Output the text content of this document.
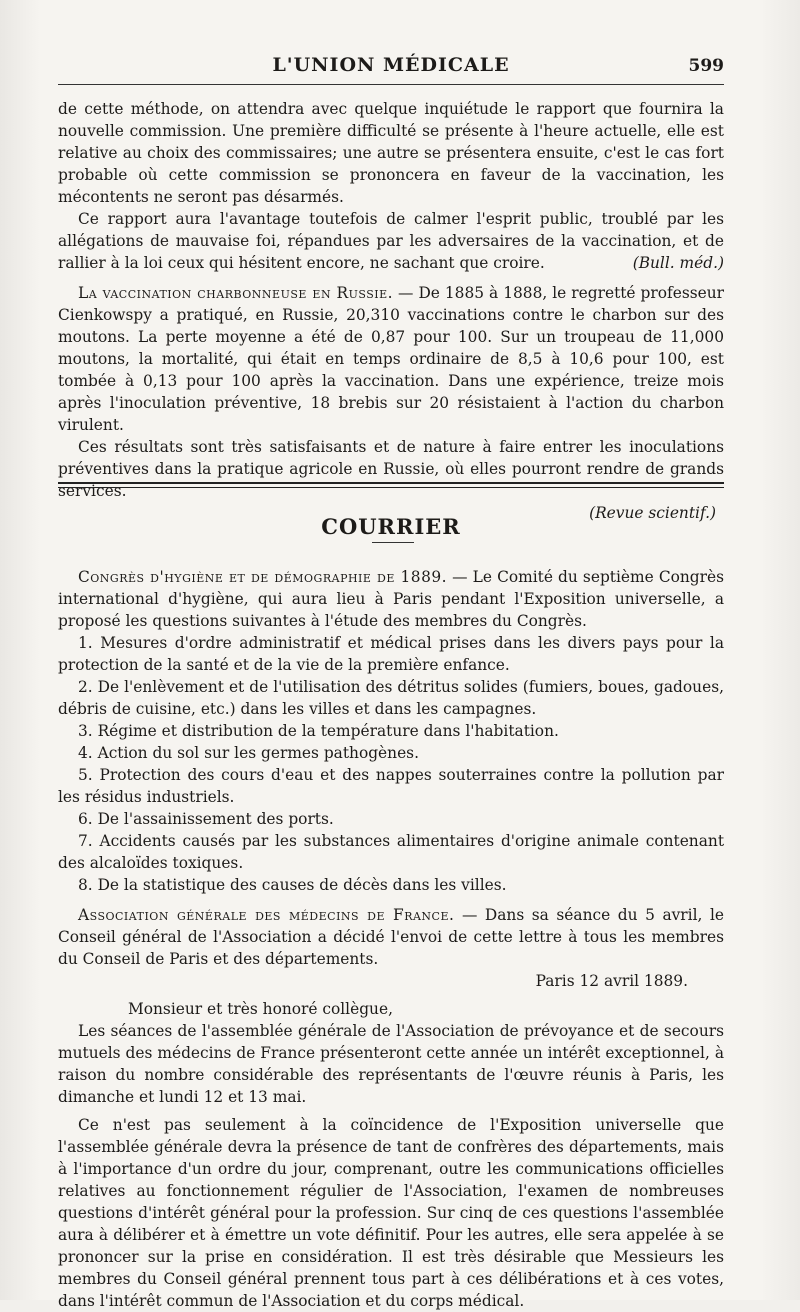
L'UNION MÉDICALE	599

de cette méthode, on attendra avec quelque inquiétude le rapport que fournira la nouvelle commission. Une première difficulté se présente à l'heure actuelle, elle est relative au choix des commissaires; une autre se présentera ensuite, c'est le cas fort probable où cette commission se prononcera en faveur de la vaccination, les mécontents ne seront pas désarmés.

Ce rapport aura l'avantage toutefois de calmer l'esprit public, troublé par les allégations de mauvaise foi, répandues par les adversaires de la vaccination, et de rallier à la loi ceux qui hésitent encore, ne sachant que croire.	(Bull. méd.)

La vaccination charbonneuse en Russie. — De 1885 à 1888, le regretté professeur Cienkowspy a pratiqué, en Russie, 20,310 vaccinations contre le charbon sur des moutons. La perte moyenne a été de 0,87 pour 100. Sur un troupeau de 11,000 moutons, la mortalité, qui était en temps ordinaire de 8,5 à 10,6 pour 100, est tombée à 0,13 pour 100 après la vaccination. Dans une expérience, treize mois après l'inoculation préventive, 18 brebis sur 20 résistaient à l'action du charbon virulent.

Ces résultats sont très satisfaisants et de nature à faire entrer les inoculations préventives dans la pratique agricole en Russie, où elles pourront rendre de grands services.

(Revue scientif.)
COURRIER

Congrès d'hygiène et de démographie de 1889. — Le Comité du septième Congrès international d'hygiène, qui aura lieu à Paris pendant l'Exposition universelle, a proposé les questions suivantes à l'étude des membres du Congrès.

1. Mesures d'ordre administratif et médical prises dans les divers pays pour la protection de la santé et de la vie de la première enfance.

2. De l'enlèvement et de l'utilisation des détritus solides (fumiers, boues, gadoues, débris de cuisine, etc.) dans les villes et dans les campagnes.

3. Régime et distribution de la température dans l'habitation.

4. Action du sol sur les germes pathogènes.

5. Protection des cours d'eau et des nappes souterraines contre la pollution par les résidus industriels.

6. De l'assainissement des ports.

7. Accidents causés par les substances alimentaires d'origine animale contenant des alcaloïdes toxiques.

8. De la statistique des causes de décès dans les villes.

Association générale des médecins de France. — Dans sa séance du 5 avril, le Conseil général de l'Association a décidé l'envoi de cette lettre à tous les membres du Conseil de Paris et des départements.

Paris 12 avril 1889.

Monsieur et très honoré collègue,

Les séances de l'assemblée générale de l'Association de prévoyance et de secours mutuels des médecins de France présenteront cette année un intérêt exceptionnel, à raison du nombre considérable des représentants de l'œuvre réunis à Paris, les dimanche et lundi 12 et 13 mai.

Ce n'est pas seulement à la coïncidence de l'Exposition universelle que l'assemblée générale devra la présence de tant de confrères des départements, mais à l'importance d'un ordre du jour, comprenant, outre les communications officielles relatives au fonctionnement régulier de l'Association, l'examen de nombreuses questions d'intérêt général pour la profession. Sur cinq de ces questions l'assemblée aura à délibérer et à émettre un vote définitif. Pour les autres, elle sera appelée à se prononcer sur la prise en considération. Il est très désirable que Messieurs les membres du Conseil général prennent tous part à ces délibérations et à ces votes, dans l'intérêt commun de l'Association et du corps médical.
